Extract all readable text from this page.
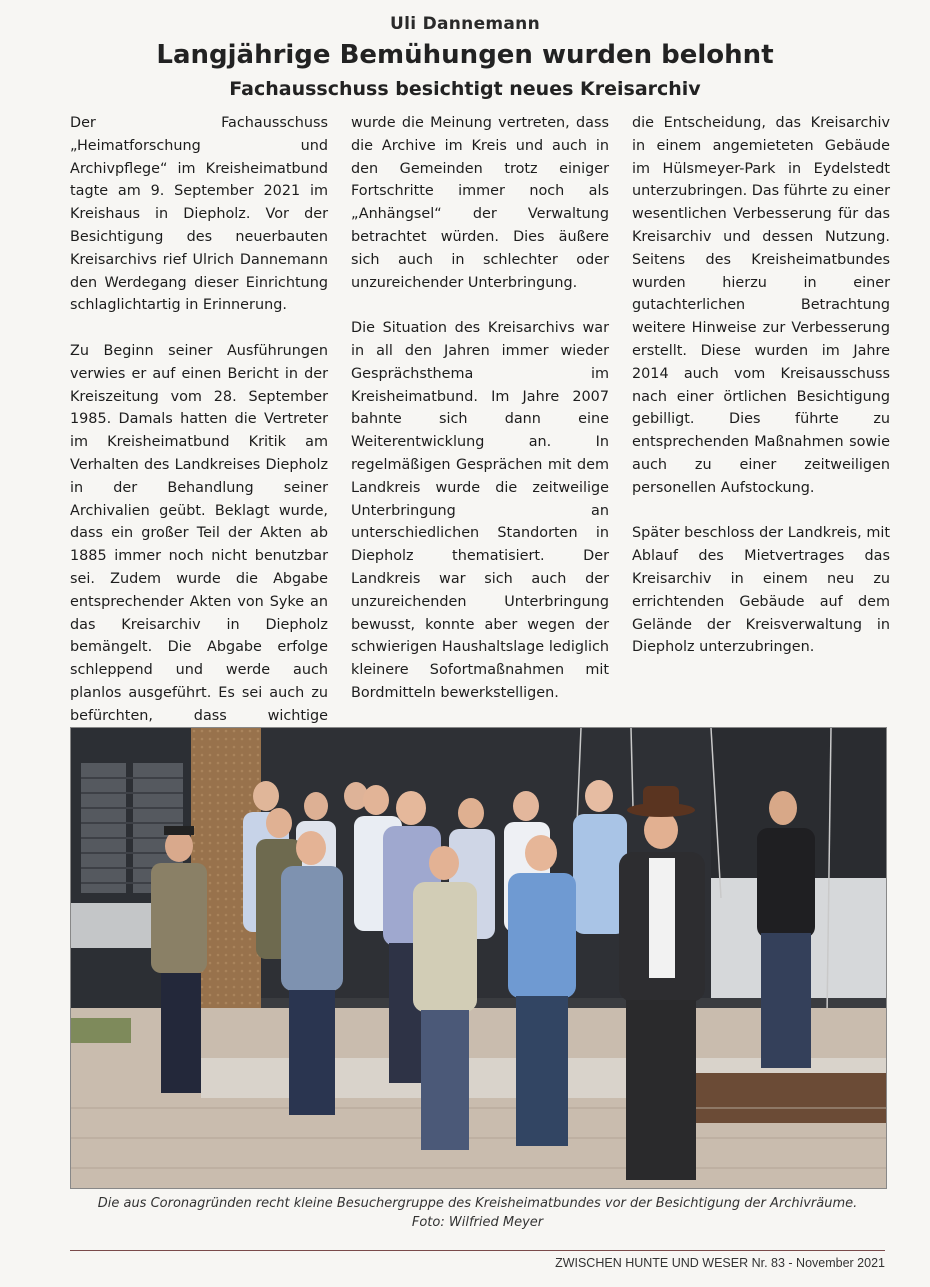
Uli Dannemann
Langjährige Bemühungen wurden belohnt
Fachausschuss besichtigt neues Kreisarchiv

Der Fachausschuss „Heimatforschung und Archivpflege“ im Kreisheimatbund tagte am 9. September 2021 im Kreishaus in Diepholz. Vor der Besichtigung des neuerbauten Kreisarchivs rief Ulrich Dannemann den Werdegang dieser Einrichtung schlaglichtartig in Erinnerung.

Zu Beginn seiner Ausführungen verwies er auf einen Bericht in der Kreiszeitung vom 28. September 1985. Damals hatten die Vertreter im Kreisheimatbund Kritik am Verhalten des Landkreises Diepholz in der Behandlung seiner Archivalien geübt. Beklagt wurde, dass ein großer Teil der Akten ab 1885 immer noch nicht benutzbar sei. Zudem wurde die Abgabe entsprechender Akten von Syke an das Kreisarchiv in Diepholz bemängelt. Die Abgabe erfolge schleppend und werde auch planlos ausgeführt. Es sei auch zu befürchten, dass wichtige

wurde die Meinung vertreten, dass die Archive im Kreis und auch in den Gemeinden trotz einiger Fortschritte immer noch als „Anhängsel“ der Verwaltung betrachtet würden. Dies äußere sich auch in schlechter oder unzureichender Unterbringung.

Die Situation des Kreisarchivs war in all den Jahren immer wieder Gesprächsthema im Kreisheimatbund. Im Jahre 2007 bahnte sich dann eine Weiterentwicklung an. In regelmäßigen Gesprächen mit dem Landkreis wurde die zeitweilige Unterbringung an unterschiedlichen Standorten in Diepholz thematisiert. Der Landkreis war sich auch der unzureichenden Unterbringung bewusst, konnte aber wegen der schwierigen Haushaltslage lediglich kleinere Sofortmaßnahmen mit Bordmitteln bewerkstelligen.

die Entscheidung, das Kreisarchiv in einem angemieteten Gebäude im Hülsmeyer-Park in Eydelstedt unterzubringen. Das führte zu einer wesentlichen Verbesserung für das Kreisarchiv und dessen Nutzung. Seitens des Kreisheimatbundes wurden hierzu in einer gutachterlichen Betrachtung weitere Hinweise zur Verbesserung erstellt. Diese wurden im Jahre 2014 auch vom Kreisausschuss nach einer örtlichen Besichtigung gebilligt. Dies führte zu entsprechenden Maßnahmen sowie auch zu einer zeitweiligen personellen Aufstockung.

Später beschloss der Landkreis, mit Ablauf des Mietvertrages das Kreisarchiv in einem neu zu errichtenden Gebäude auf dem Gelände der Kreisverwaltung in Diepholz unterzubringen.

Die aus Coronagründen recht kleine Besuchergruppe des Kreisheimatbundes vor der Besichtigung der Archivräume.
Foto: Wilfried Meyer
ZWISCHEN HUNTE UND WESER Nr. 83 - November 2021
